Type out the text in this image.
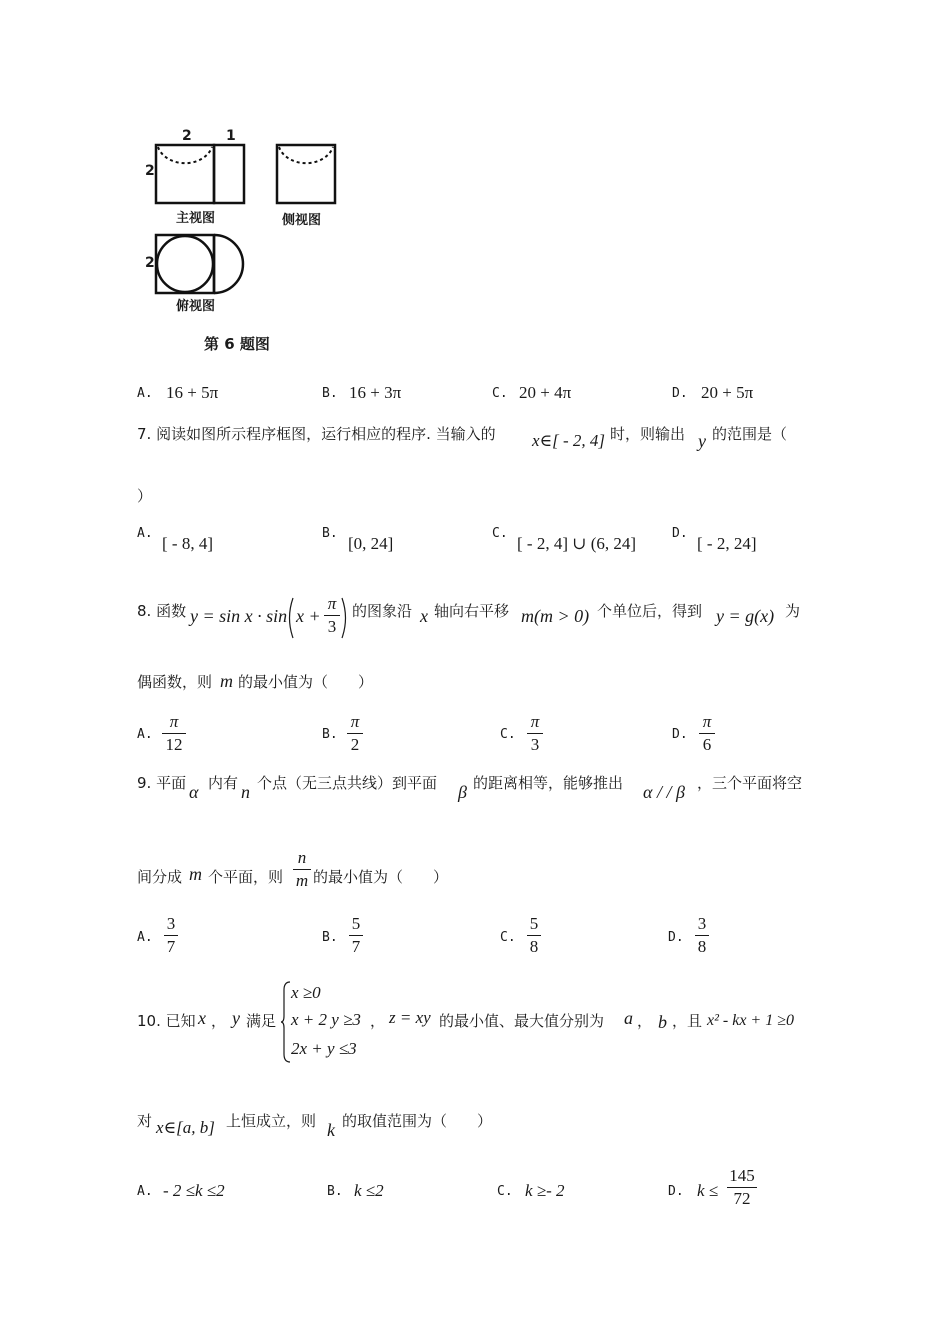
2 1
2
2
主视图	侧视图
俯视图
第 6 题图
A. 16 + 5π	B. 16 + 3π	C. 20 + 4π	D. 20 + 5π
7. 阅读如图所示程序框图，运行相应的程序. 当输入的 x∈[ - 2, 4] 时，则输出 y 的范围是（
）
A.
[ - 8, 4]
B.
[0, 24]
C.
[ - 2, 4] ∪ (6, 24]
D.
[ - 2, 24]
8. 函数 y = sin x · sin x +
π
3
的图象沿 x 轴向右平移 m(m > 0) 个单位后，得到 y = g(x) 为
偶函数，则 m 的最小值为（　　）
A.
π
12
B.
π
2
C.
π
3
D.
π
6
9. 平面 α 内有 n 个点（无三点共线）到平面 β 的距离相等，能够推出 α / / β ，三个平面将空
间分成 m 个平面，则
n
m 的最小值为（　　）
A.
3
7	B.
5
7	C.
5
8	D.
3
8
10. 已知 x ， y 满足
x ≥0
x + 2 y ≥3
2x + y ≤3
， z = xy 的最小值、最大值分别为 a ， b ，且 x² - kx + 1 ≥0
对 x∈[a, b] 上恒成立，则 k 的取值范围为（　　）
A. - 2 ≤k ≤2	B. k ≤2	C. k ≥- 2	D. k ≤
145
72
